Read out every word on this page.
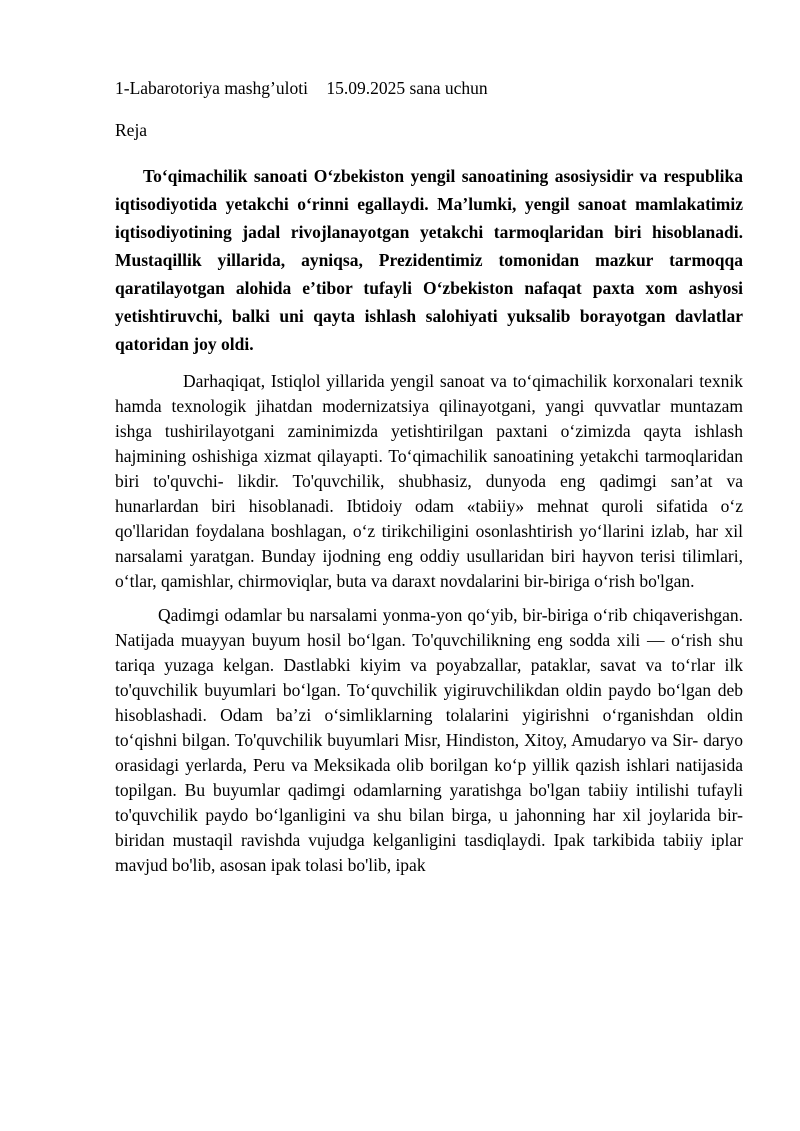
1-Labarotoriya mashg’uloti 15.09.2025 sana uchun
Reja

Toʻqimachilik sanoati Oʻzbekiston yengil sanoatining asosiysidir va respublika iqtisodiyotida yetakchi oʻrinni egallaydi. Maʼlumki, yengil sanoat mamlakatimiz iqtisodiyotining jadal rivojlanayotgan yetakchi tarmoqlaridan biri hisoblanadi. Mustaqillik yillarida, ayniqsa, Prezidentimiz tomonidan mazkur tarmoqqa qaratilayotgan alohida eʼtibor tufayli Oʻzbekiston nafaqat paxta xom ashyosi yetishtiruvchi, balki uni qayta ishlash salohiyati yuksalib borayotgan davlatlar qatoridan joy oldi.

Darhaqiqat, Istiqlol yillarida yengil sanoat va toʻqimachilik korxonalari texnik hamda texnologik jihatdan modernizatsiya qilinayotgani, yangi quvvatlar muntazam ishga tushirilayotgani zaminimizda yetishtirilgan paxtani oʻzimizda qayta ishlash hajmining oshishiga xizmat qilayapti. Toʻqimachilik sanoatining yetakchi tarmoqlaridan biri to'quvchi- likdir. To'quvchilik, shubhasiz, dunyoda eng qadimgi sanʼat va hunarlardan biri hisoblanadi. Ibtidoiy odam «tabiiy» mehnat quroli sifatida oʻz qo'llaridan foydalana boshlagan, oʻz tirikchiligini osonlashtirish yoʻllarini izlab, har xil narsalami yaratgan. Bunday ijodning eng oddiy usullaridan biri hayvon terisi tilimlari, oʻtlar, qamishlar, chirmoviqlar, buta va daraxt novdalarini bir-biriga oʻrish bo'lgan.

Qadimgi odamlar bu narsalami yonma-yon qoʻyib, bir-biriga oʻrib chiqaverishgan. Natijada muayyan buyum hosil boʻlgan. To'quvchilikning eng sodda xili — oʻrish shu tariqa yuzaga kelgan. Dastlabki kiyim va poyabzallar, pataklar, savat va toʻrlar ilk to'quvchilik buyumlari boʻlgan. Toʻquvchilik yigiruvchilikdan oldin paydo boʻlgan deb hisoblashadi. Odam baʼzi oʻsimliklarning tolalarini yigirishni oʻrganishdan oldin toʻqishni bilgan. To'quvchilik buyumlari Misr, Hindiston, Xitoy, Amudaryo va Sir- daryo orasidagi yerlarda, Peru va Meksikada olib borilgan koʻp yillik qazish ishlari natijasida topilgan. Bu buyumlar qadimgi odamlarning yaratishga bo'lgan tabiiy intilishi tufayli to'quvchilik paydo boʻlganligini va shu bilan birga, u jahonning har xil joylarida bir-biridan mustaqil ravishda vujudga kelganligini tasdiqlaydi. Ipak tarkibida tabiiy iplar mavjud bo'lib, asosan ipak tolasi bo'lib, ipak
